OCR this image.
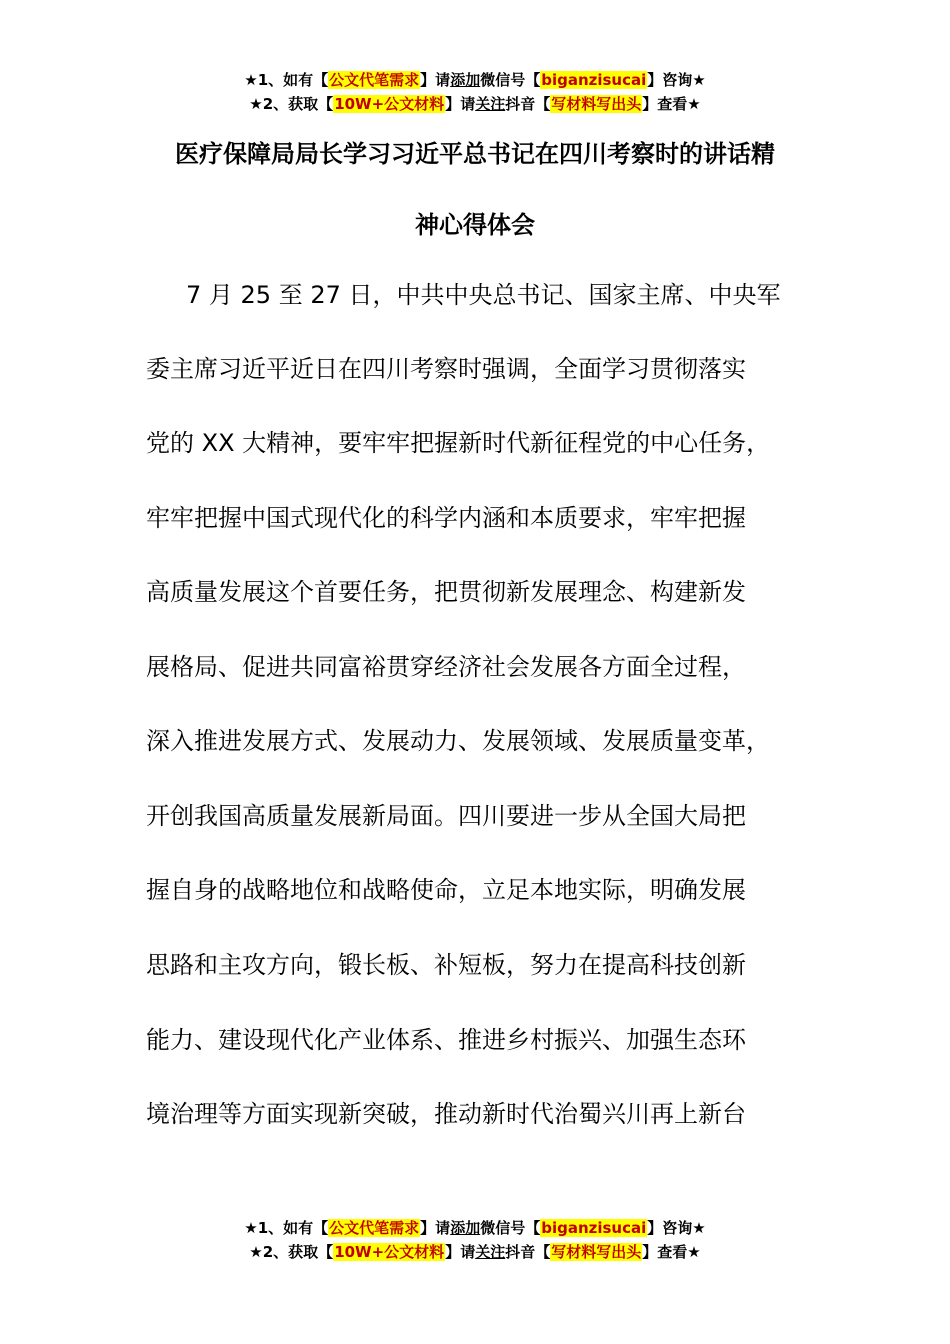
★1、如有【公文代笔需求】请添加微信号【biganzisucai】咨询★
★2、获取【10W+公文材料】请关注抖音【写材料写出头】查看★
医疗保障局局长学习习近平总书记在四川考察时的讲话精
神心得体会
7 月 25 至 27 日，中共中央总书记、国家主席、中央军
委主席习近平近日在四川考察时强调，全面学习贯彻落实
党的 XX 大精神，要牢牢把握新时代新征程党的中心任务，
牢牢把握中国式现代化的科学内涵和本质要求，牢牢把握
高质量发展这个首要任务，把贯彻新发展理念、构建新发
展格局、促进共同富裕贯穿经济社会发展各方面全过程，
深入推进发展方式、发展动力、发展领域、发展质量变革，
开创我国高质量发展新局面。四川要进一步从全国大局把
握自身的战略地位和战略使命，立足本地实际，明确发展
思路和主攻方向，锻长板、补短板，努力在提高科技创新
能力、建设现代化产业体系、推进乡村振兴、加强生态环
境治理等方面实现新突破，推动新时代治蜀兴川再上新台
★1、如有【公文代笔需求】请添加微信号【biganzisucai】咨询★
★2、获取【10W+公文材料】请关注抖音【写材料写出头】查看★
